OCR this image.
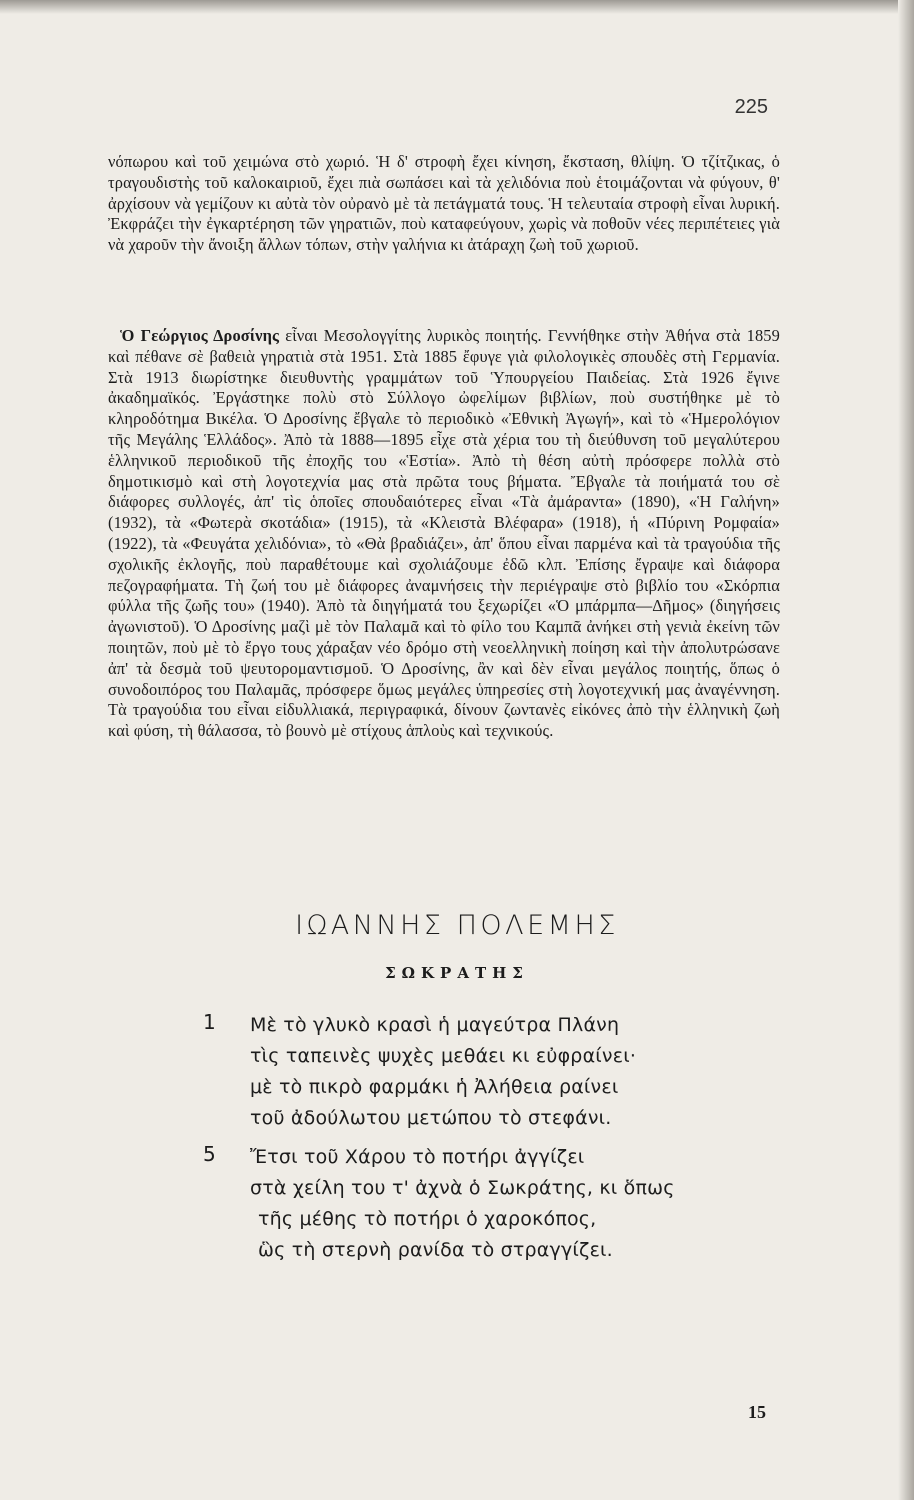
225

νόπωρου καὶ τοῦ χειμώνα στὸ χωριό. Ἡ δ' στροφὴ ἔχει κίνηση, ἔκσταση, θλίψη. Ὁ τζίτζικας, ὁ τραγουδιστὴς τοῦ καλοκαιριοῦ, ἔχει πιὰ σωπάσει καὶ τὰ χελιδόνια ποὺ ἑτοιμάζονται νὰ φύγουν, θ' ἀρχίσουν νὰ γεμίζουν κι αὐτὰ τὸν οὐρανὸ μὲ τὰ πετάγματά τους. Ἡ τελευταία στροφὴ εἶναι λυρική. Ἐκφράζει τὴν ἐγκαρτέρηση τῶν γηρατιῶν, ποὺ καταφεύγουν, χωρὶς νὰ ποθοῦν νέες περιπέτειες γιὰ νὰ χαροῦν τὴν ἄνοιξη ἄλλων τόπων, στὴν γαλήνια κι ἀτάραχη ζωὴ τοῦ χωριοῦ.

Ὁ Γεώργιος Δροσίνης εἶναι Μεσολογγίτης λυρικὸς ποιητής. Γεννήθηκε στὴν Ἀθήνα στὰ 1859 καὶ πέθανε σὲ βαθειὰ γηρατιὰ στὰ 1951. Στὰ 1885 ἔφυγε γιὰ φιλολογικὲς σπουδὲς στὴ Γερμανία. Στὰ 1913 διωρίστηκε διευθυντὴς γραμμάτων τοῦ Ὑπουργείου Παιδείας. Στὰ 1926 ἔγινε ἀκαδημαϊκός. Ἐργάστηκε πολὺ στὸ Σύλλογο ὠφελίμων βιβλίων, ποὺ συστήθηκε μὲ τὸ κληροδότημα Βικέλα. Ὁ Δροσίνης ἔβγαλε τὸ περιοδικὸ «Ἐθνικὴ Ἀγωγή», καὶ τὸ «Ἡμερολόγιον τῆς Μεγάλης Ἑλλάδος». Ἀπὸ τὰ 1888—1895 εἶχε στὰ χέρια του τὴ διεύθυνση τοῦ μεγαλύτερου ἑλληνικοῦ περιοδικοῦ τῆς ἐποχῆς του «Ἑστία». Ἀπὸ τὴ θέση αὐτὴ πρόσφερε πολλὰ στὸ δημοτικισμὸ καὶ στὴ λογοτεχνία μας στὰ πρῶτα τους βήματα. Ἔβγαλε τὰ ποιήματά του σὲ διάφορες συλλογές, ἀπ' τὶς ὁποῖες σπουδαιότερες εἶναι «Τὰ ἀμάραντα» (1890), «Ἡ Γαλήνη» (1932), τὰ «Φωτερὰ σκοτάδια» (1915), τὰ «Κλειστὰ Βλέφαρα» (1918), ἡ «Πύρινη Ρομφαία» (1922), τὰ «Φευγάτα χελιδόνια», τὸ «Θὰ βραδιάζει», ἀπ' ὅπου εἶναι παρμένα καὶ τὰ τραγούδια τῆς σχολικῆς ἐκλογῆς, ποὺ παραθέτουμε καὶ σχολιάζουμε ἐδῶ κλπ. Ἐπίσης ἔγραψε καὶ διάφορα πεζογραφήματα. Τὴ ζωή του μὲ διάφορες ἀναμνήσεις τὴν περιέγραψε στὸ βιβλίο του «Σκόρπια φύλλα τῆς ζωῆς του» (1940). Ἀπὸ τὰ διηγήματά του ξεχωρίζει «Ὁ μπάρμπα—Δῆμος» (διηγήσεις ἀγωνιστοῦ). Ὁ Δροσίνης μαζὶ μὲ τὸν Παλαμᾶ καὶ τὸ φίλο του Καμπᾶ ἀνήκει στὴ γενιὰ ἐκείνη τῶν ποιητῶν, ποὺ μὲ τὸ ἔργο τους χάραξαν νέο δρόμο στὴ νεοελληνικὴ ποίηση καὶ τὴν ἀπολυτρώσανε ἀπ' τὰ δεσμὰ τοῦ ψευτορομαντισμοῦ. Ὁ Δροσίνης, ἂν καὶ δὲν εἶναι μεγάλος ποιητής, ὅπως ὁ συνοδοιπόρος του Παλαμᾶς, πρόσφερε ὅμως μεγάλες ὑπηρεσίες στὴ λογοτεχνική μας ἀναγέννηση. Τὰ τραγούδια του εἶναι εἰδυλλιακά, περιγραφικά, δίνουν ζωντανὲς εἰκόνες ἀπὸ τὴν ἑλληνικὴ ζωὴ καὶ φύση, τὴ θάλασσα, τὸ βουνὸ μὲ στίχους ἁπλοὺς καὶ τεχνικούς.

ΙΩΑΝΝΗΣ ΠΟΛΕΜΗΣ
ΣΩΚΡΑΤΗΣ
1 Μὲ τὸ γλυκὸ κρασὶ ἡ μαγεύτρα Πλάνη
τὶς ταπεινὲς ψυχὲς μεθάει κι εὐφραίνει·
μὲ τὸ πικρὸ φαρμάκι ἡ Ἀλήθεια ραίνει
τοῦ ἀδούλωτου μετώπου τὸ στεφάνι.
5 Ἔτσι τοῦ Χάρου τὸ ποτήρι ἀγγίζει
στὰ χείλη του τ' ἀχνὰ ὁ Σωκράτης, κι ὅπως
τῆς μέθης τὸ ποτήρι ὁ χαροκόπος,
ὣς τὴ στερνὴ ρανίδα τὸ στραγγίζει.
15
